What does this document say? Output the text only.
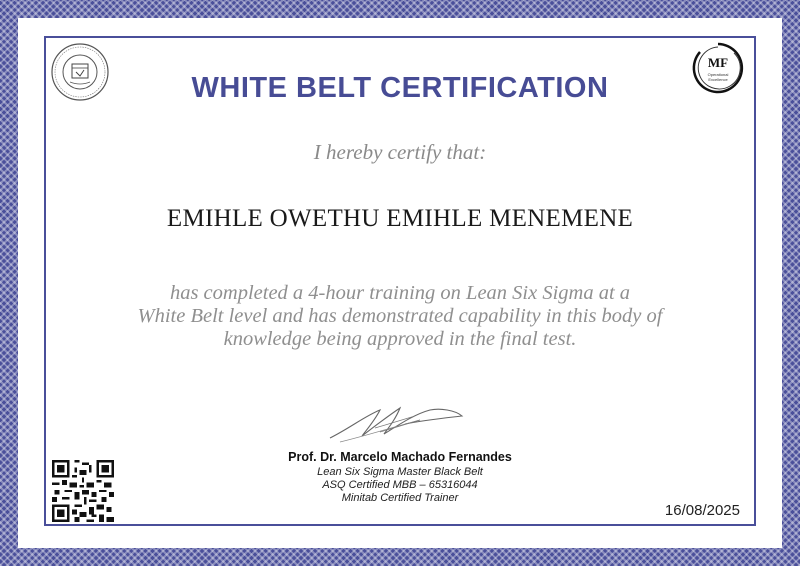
MF
Operational
Excellence
WHITE BELT CERTIFICATION
I hereby certify that:
EMIHLE OWETHU EMIHLE MENEMENE
has completed a 4-hour training on Lean Six Sigma at a
White Belt level and has demonstrated capability in this body of
knowledge being approved in the final test.
Prof. Dr. Marcelo Machado Fernandes
Lean Six Sigma Master Black Belt
ASQ Certified MBB – 65316044
Minitab Certified Trainer
16/08/2025
